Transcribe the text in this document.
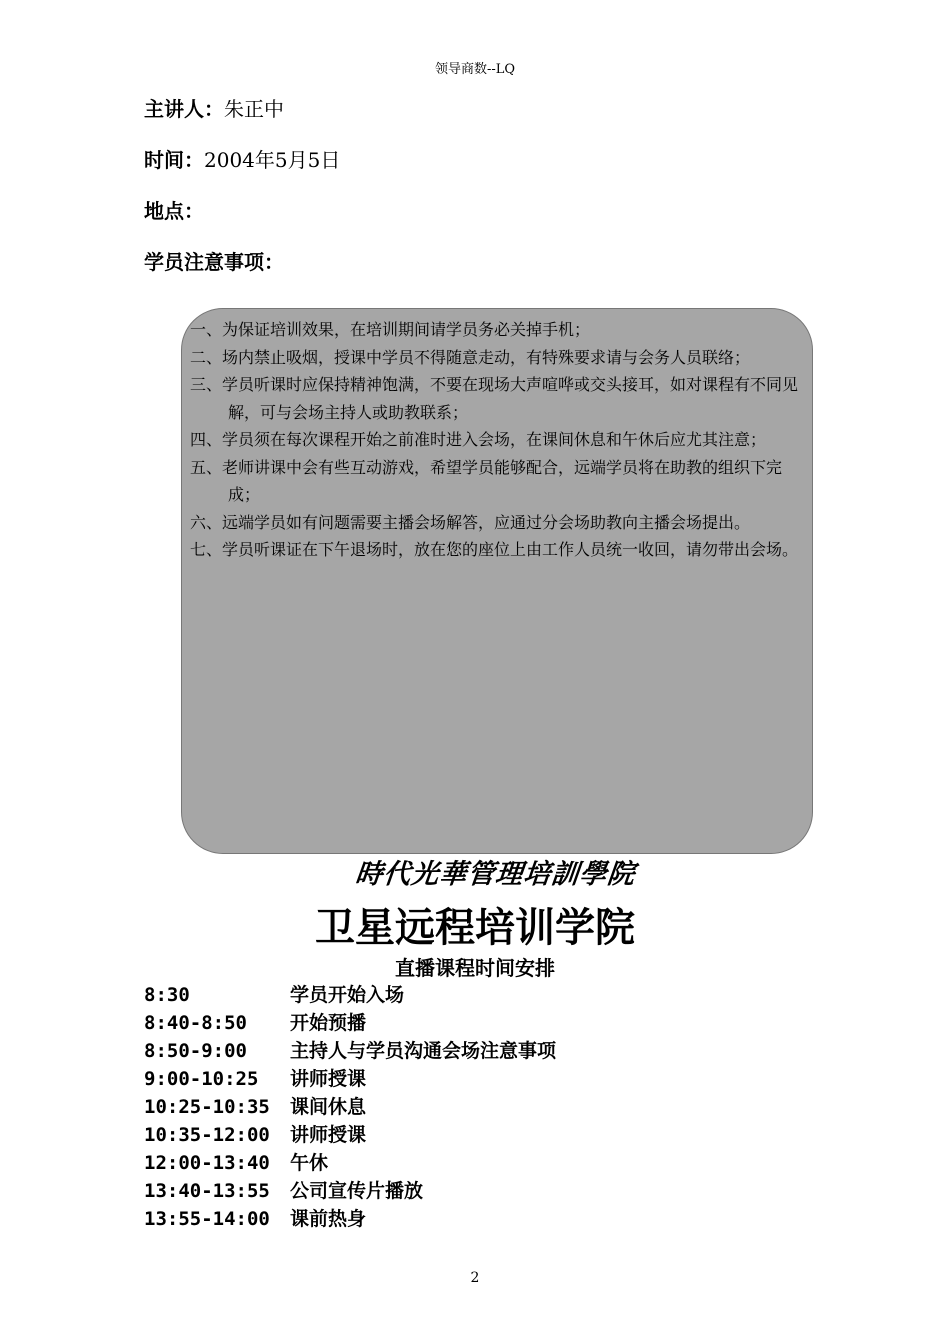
领导商数--LQ
主讲人：朱正中
时间：2004年5月5日
地点：
学员注意事项：
一、为保证培训效果，在培训期间请学员务必关掉手机；
二、场内禁止吸烟，授课中学员不得随意走动，有特殊要求请与会务人员联络；
三、学员听课时应保持精神饱满，不要在现场大声喧哗或交头接耳，如对课程有不同见解，可与会场主持人或助教联系；
四、学员须在每次课程开始之前准时进入会场，在课间休息和午休后应尤其注意；
五、老师讲课中会有些互动游戏，希望学员能够配合，远端学员将在助教的组织下完成；
六、远端学员如有问题需要主播会场解答，应通过分会场助教向主播会场提出。
七、学员听课证在下午退场时，放在您的座位上由工作人员统一收回，请勿带出会场。
時代光華管理培訓學院
卫星远程培训学院
直播课程时间安排
8:30	学员开始入场
8:40-8:50 开始预播
8:50-9:00 主持人与学员沟通会场注意事项
9:00-10:25 讲师授课
10:25-10:35 课间休息
10:35-12:00 讲师授课
12:00-13:40 午休
13:40-13:55 公司宣传片播放
13:55-14:00 课前热身
2
